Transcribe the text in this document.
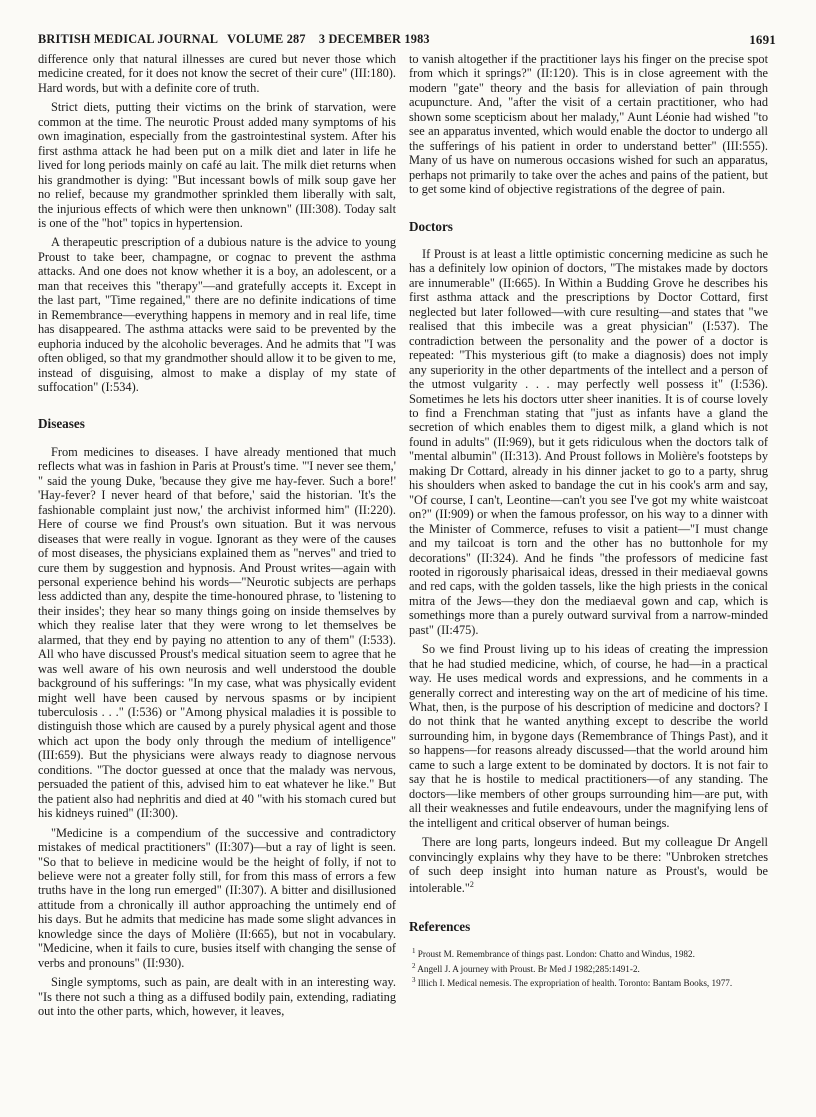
BRITISH MEDICAL JOURNAL   VOLUME 287    3 DECEMBER 1983	1691

difference only that natural illnesses are cured but never those which medicine created, for it does not know the secret of their cure" (III:180). Hard words, but with a definite core of truth.

Strict diets, putting their victims on the brink of starvation, were common at the time. The neurotic Proust added many symptoms of his own imagination, especially from the gastrointestinal system. After his first asthma attack he had been put on a milk diet and later in life he lived for long periods mainly on café au lait. The milk diet returns when his grandmother is dying: "But incessant bowls of milk soup gave her no relief, because my grandmother sprinkled them liberally with salt, the injurious effects of which were then unknown" (III:308). Today salt is one of the "hot" topics in hypertension.

A therapeutic prescription of a dubious nature is the advice to young Proust to take beer, champagne, or cognac to prevent the asthma attacks. And one does not know whether it is a boy, an adolescent, or a man that receives this "therapy"—and gratefully accepts it. Except in the last part, "Time regained," there are no definite indications of time in Remembrance—everything happens in memory and in real life, time has disappeared. The asthma attacks were said to be prevented by the euphoria induced by the alcoholic beverages. And he admits that "I was often obliged, so that my grandmother should allow it to be given to me, instead of disguising, almost to make a display of my state of suffocation" (I:534).

Diseases

From medicines to diseases. I have already mentioned that much reflects what was in fashion in Paris at Proust's time. "'I never see them,' " said the young Duke, 'because they give me hay-fever. Such a bore!' 'Hay-fever? I never heard of that before,' said the historian. 'It's the fashionable complaint just now,' the archivist informed him" (II:220). Here of course we find Proust's own situation. But it was nervous diseases that were really in vogue. Ignorant as they were of the causes of most diseases, the physicians explained them as "nerves" and tried to cure them by suggestion and hypnosis. And Proust writes—again with personal experience behind his words—"Neurotic subjects are perhaps less addicted than any, despite the time-honoured phrase, to 'listening to their insides'; they hear so many things going on inside themselves by which they realise later that they were wrong to let themselves be alarmed, that they end by paying no attention to any of them" (I:533). All who have discussed Proust's medical situation seem to agree that he was well aware of his own neurosis and well understood the double background of his sufferings: "In my case, what was physically evident might well have been caused by nervous spasms or by incipient tuberculosis . . ." (I:536) or "Among physical maladies it is possible to distinguish those which are caused by a purely physical agent and those which act upon the body only through the medium of intelligence" (III:659). But the physicians were always ready to diagnose nervous conditions. "The doctor guessed at once that the malady was nervous, persuaded the patient of this, advised him to eat whatever he like." But the patient also had nephritis and died at 40 "with his stomach cured but his kidneys ruined" (II:300).

"Medicine is a compendium of the successive and contradictory mistakes of medical practitioners" (II:307)—but a ray of light is seen. "So that to believe in medicine would be the height of folly, if not to believe were not a greater folly still, for from this mass of errors a few truths have in the long run emerged" (II:307). A bitter and disillusioned attitude from a chronically ill author approaching the untimely end of his days. But he admits that medicine has made some slight advances in knowledge since the days of Molière (II:665), but not in vocabulary. "Medicine, when it fails to cure, busies itself with changing the sense of verbs and pronouns" (II:930).

Single symptoms, such as pain, are dealt with in an interesting way. "Is there not such a thing as a diffused bodily pain, extending, radiating out into the other parts, which, however, it leaves,

to vanish altogether if the practitioner lays his finger on the precise spot from which it springs?" (II:120). This is in close agreement with the modern "gate" theory and the basis for alleviation of pain through acupuncture. And, "after the visit of a certain practitioner, who had shown some scepticism about her malady," Aunt Léonie had wished "to see an apparatus invented, which would enable the doctor to undergo all the sufferings of his patient in order to understand better" (III:555). Many of us have on numerous occasions wished for such an apparatus, perhaps not primarily to take over the aches and pains of the patient, but to get some kind of objective registrations of the degree of pain.

Doctors

If Proust is at least a little optimistic concerning medicine as such he has a definitely low opinion of doctors, "The mistakes made by doctors are innumerable" (II:665). In Within a Budding Grove he describes his first asthma attack and the prescriptions by Doctor Cottard, first neglected but later followed—with cure resulting—and states that "we realised that this imbecile was a great physician" (I:537). The contradiction between the personality and the power of a doctor is repeated: "This mysterious gift (to make a diagnosis) does not imply any superiority in the other departments of the intellect and a person of the utmost vulgarity . . . may perfectly well possess it" (I:536). Sometimes he lets his doctors utter sheer inanities. It is of course lovely to find a Frenchman stating that "just as infants have a gland the secretion of which enables them to digest milk, a gland which is not found in adults" (II:969), but it gets ridiculous when the doctors talk of "mental albumin" (II:313). And Proust follows in Molière's footsteps by making Dr Cottard, already in his dinner jacket to go to a party, shrug his shoulders when asked to bandage the cut in his cook's arm and say, "Of course, I can't, Leontine—can't you see I've got my white waistcoat on?" (II:909) or when the famous professor, on his way to a dinner with the Minister of Commerce, refuses to visit a patient—"I must change and my tailcoat is torn and the other has no buttonhole for my decorations" (II:324). And he finds "the professors of medicine fast rooted in rigorously pharisaical ideas, dressed in their mediaeval gowns and red caps, with the golden tassels, like the high priests in the conical mitra of the Jews—they don the mediaeval gown and cap, which is somethings more than a purely outward survival from a narrow-minded past" (II:475).

So we find Proust living up to his ideas of creating the impression that he had studied medicine, which, of course, he had—in a practical way. He uses medical words and expressions, and he comments in a generally correct and interesting way on the art of medicine of his time. What, then, is the purpose of his description of medicine and doctors? I do not think that he wanted anything except to describe the world surrounding him, in bygone days (Remembrance of Things Past), and it so happens—for reasons already discussed—that the world around him came to such a large extent to be dominated by doctors. It is not fair to say that he is hostile to medical practitioners—of any standing. The doctors—like members of other groups surrounding him—are put, with all their weaknesses and futile endeavours, under the magnifying lens of the intelligent and critical observer of human beings.

There are long parts, longeurs indeed. But my colleague Dr Angell convincingly explains why they have to be there: "Unbroken stretches of such deep insight into human nature as Proust's, would be intolerable."$^2$

References
$^1$ Proust M. Remembrance of things past. London: Chatto and Windus, 1982.
$^2$ Angell J. A journey with Proust. Br Med J 1982;285:1491-2.
$^3$ Illich I. Medical nemesis. The expropriation of health. Toronto: Bantam Books, 1977.
